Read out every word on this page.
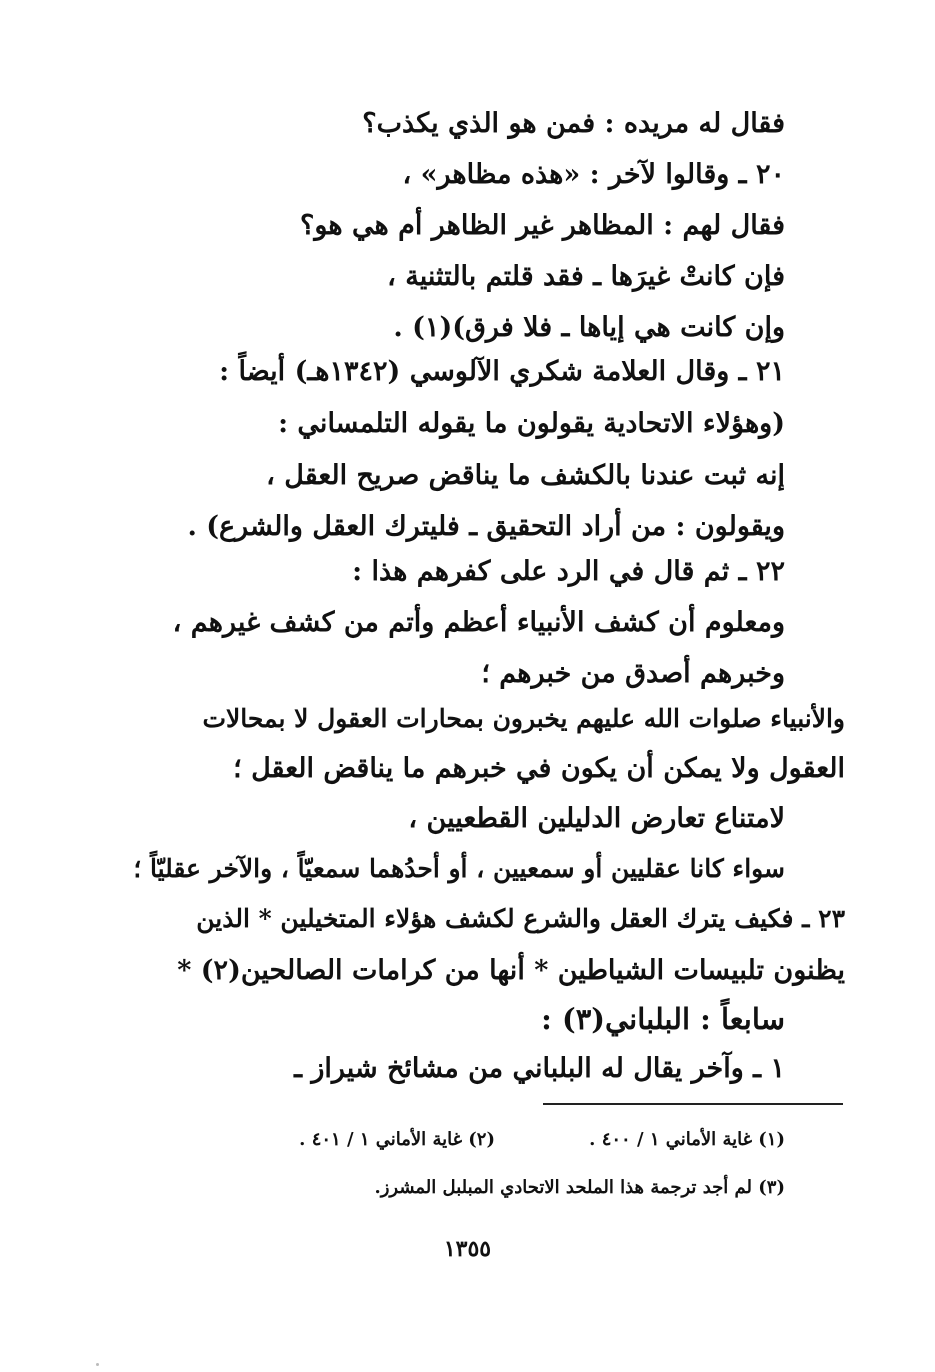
فقال له مريده : فمن هو الذي يكذب؟
٢٠ ـ وقالوا لآخر : «هذه مظاهر» ،
فقال لهم : المظاهر غير الظاهر أم هي هو؟
فإن كانتْ غيرَها ـ فقد قلتم بالتثنية ،
وإن كانت هي إياها ـ فلا فرق)(١) .
٢١ ـ وقال العلامة شكري الآلوسي (١٣٤٢هـ) أيضاً :
(وهؤلاء الاتحادية يقولون ما يقوله التلمساني :
إنه ثبت عندنا بالكشف ما يناقض صريح العقل ،
ويقولون : من أراد التحقيق ـ فليترك العقل والشرع) .
٢٢ ـ ثم قال في الرد على كفرهم هذا :
ومعلوم أن كشف الأنبياء أعظم وأتم من كشف غيرهم ،
وخبرهم أصدق من خبرهم ؛
والأنبياء صلوات الله عليهم يخبرون بمحارات العقول لا بمحالات
العقول ولا يمكن أن يكون في خبرهم ما يناقض العقل ؛
لامتناع تعارض الدليلين القطعيين ،
سواء كانا عقليين أو سمعيين ، أو أحدُهما سمعيّاً ، والآخر عقليّاً ؛
٢٣ ـ فكيف يترك العقل والشرع لكشف هؤلاء المتخيلين * الذين
يظنون تلبيسات الشياطين * أنها من كرامات الصالحين(٢) *
سابعاً : البلباني(٣) :
١ ـ وآخر يقال له البلباني من مشائخ شيراز ـ
(١) غاية الأماني ١ / ٤٠٠ .
(٢) غاية الأماني ١ / ٤٠١ .
(٣) لم أجد ترجمة هذا الملحد الاتحادي المبلبل المشرز.
١٣٥٥
